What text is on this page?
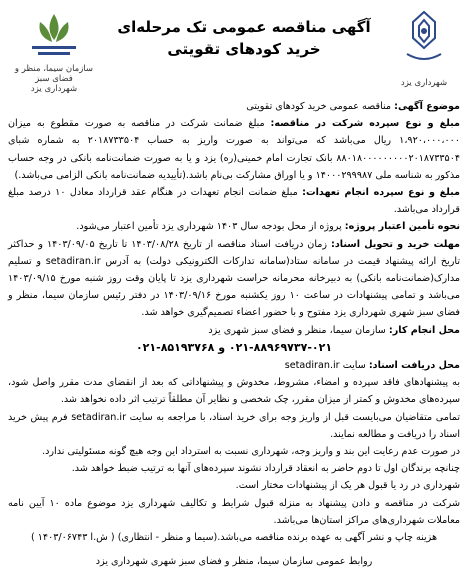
شهرداری یزد
آگهی مناقصه عمومی تک مرحله‌ای
خرید کودهای تقویتی
سازمان سیما، منظر و فضای سبز
شهرداری یزد

موضوع آگهی: مناقصه عمومی خرید کودهای تقویتی

مبلغ و نوع سپرده شرکت در مناقصه: مبلغ ضمانت شرکت در مناقصه به صورت مقطوع به میزان ۱،۹۲۰،۰۰۰،۰۰۰ ریال می‌باشد که می‌تواند به صورت واریز به حساب ۲۰۱۸۷۳۳۵۰۴ به شماره شبای ۸۸۰۱۸۰۰۰۰۰۰۰۰۰۲۰۱۸۷۳۳۵۰۴ بانک تجارت امام خمینی(ره) یزد و یا به صورت ضمانت‌نامه بانکی در وجه حساب مذکور به شناسه ملی ۱۴۰۰۰۲۹۹۹۸۷ و یا اوراق مشارکت بی‌نام باشد.(تأییدیه ضمانت‌نامه بانکی الزامی می‌باشد.)

مبلغ و نوع سپرده انجام تعهدات: مبلغ ضمانت انجام تعهدات در هنگام عقد قرارداد معادل ۱۰ درصد مبلغ قرارداد می‌باشد.

نحوه تأمین اعتبار پروژه: پروژه از محل بودجه سال ۱۴۰۳ شهرداری یزد تأمین اعتبار می‌شود.

مهلت خرید و تحویل اسناد: زمان دریافت اسناد مناقصه از تاریخ ۱۴۰۳/۰۸/۲۸ تا تاریخ ۱۴۰۳/۰۹/۰۵ و حداکثر تاریخ ارائه پیشنهاد قیمت در سامانه ستاد(سامانه تدارکات الکترونیکی دولت) به آدرس setadiran.ir و تسلیم مدارک(ضمانت‌نامه بانکی) به دبیرخانه محرمانه حراست شهرداری یزد تا پایان وقت روز شنبه مورخ ۱۴۰۳/۰۹/۱۵ می‌باشد و تمامی پیشنهادات در ساعت ۱۰ روز یکشنبه مورخ ۱۴۰۳/۰۹/۱۶ در دفتر رئیس سازمان سیما، منظر و فضای سبز شهری شهرداری یزد مفتوح و با حضور اعضاء تصمیم‌گیری خواهد شد.

محل انجام کار: سازمان سیما، منظر و فضای سبز شهری یزد

۰۲۱-۸۸۹۶۹۷۳۷-۰۲۱ و ۸۵۱۹۳۷۶۸-۰۲۱

محل دریافت اسناد: سایت setadiran.ir

به پیشنهادهای فاقد سپرده و امضاء، مشروط، مخدوش و پیشنهاداتی که بعد از انقضای مدت مقرر واصل شود، سپرده‌های مخدوش و کمتر از میزان مقرر، چک شخصی و نظایر آن مطلقاً ترتیب اثر داده نخواهد شد.

تمامی متقاضیان می‌بایست قبل از واریز وجه برای خرید اسناد، با مراجعه به سایت setadiran.ir فرم پیش خرید اسناد را دریافت و مطالعه نمایند.

در صورت عدم رعایت این بند و واریز وجه، شهرداری نسبت به استرداد این وجه هیچ گونه مسئولیتی ندارد.

چنانچه برندگان اول تا دوم حاضر به انعقاد قرارداد نشوند سپرده‌های آنها به ترتیب ضبط خواهد شد.

شهرداری در رد یا قبول هر یک از پیشنهادات مختار است.

شرکت در مناقصه و دادن پیشنهاد به منزله قبول شرایط و تکالیف شهرداری یزد موضوع ماده ۱۰ آیین نامه معاملات شهرداری‌های مراکز استان‌ها می‌باشد.

هزینه چاپ و نشر آگهی به عهده برنده مناقصه می‌باشد.(سیما و منظر - انتظاری) ( ش.ا ۱۴۰۳/۰۶۷۴۳ )

روابط عمومی سازمان سیما، منظر و فضای سبز شهری شهرداری یزد
